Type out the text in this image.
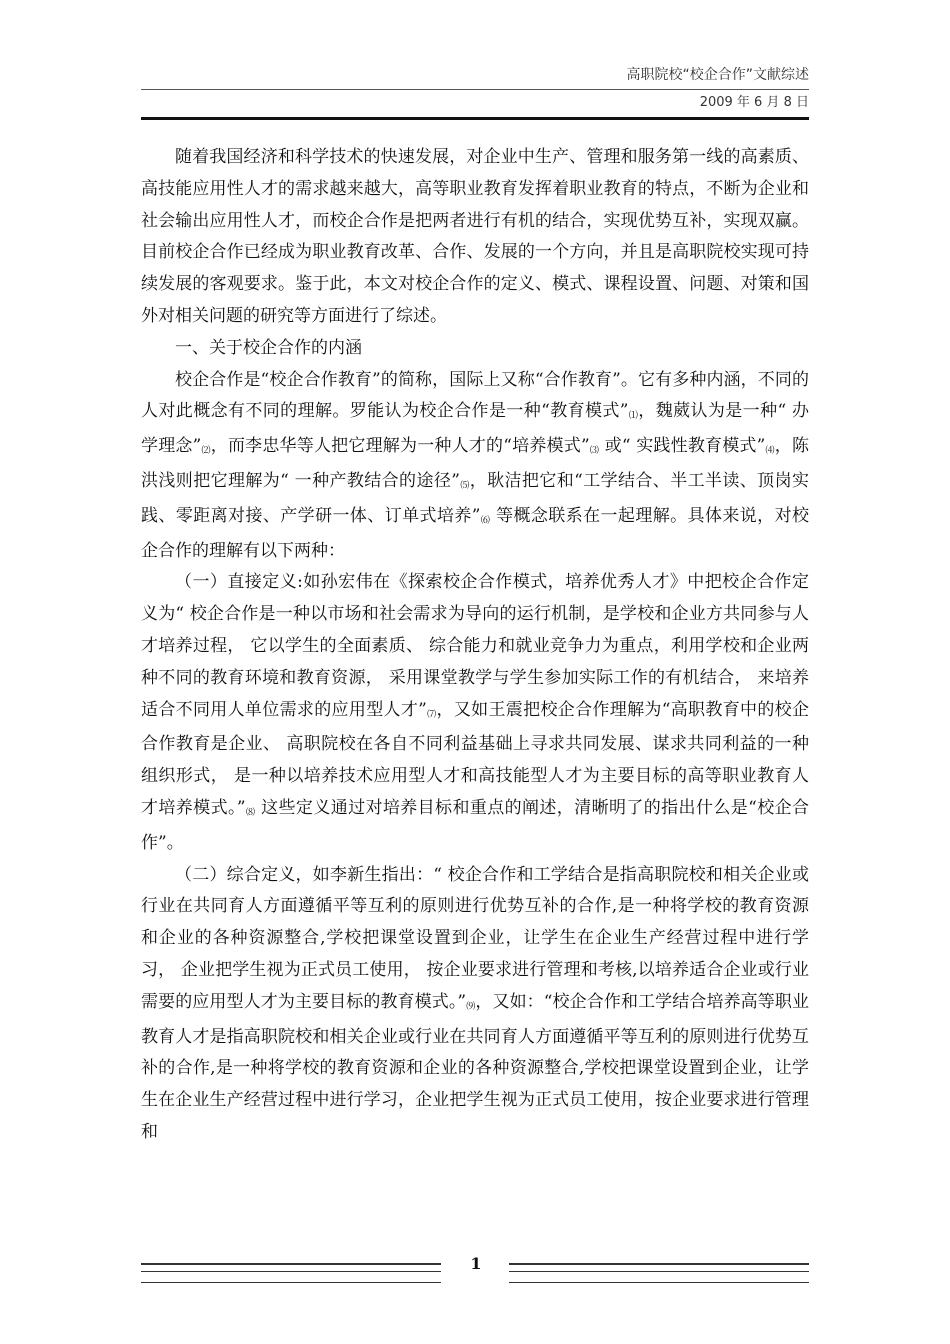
高职院校“校企合作”文献综述
2009 年 6 月 8 日

随着我国经济和科学技术的快速发展，对企业中生产、管理和服务第一线的高素质、高技能应用性人才的需求越来越大，高等职业教育发挥着职业教育的特点，不断为企业和社会输出应用性人才，而校企合作是把两者进行有机的结合，实现优势互补，实现双赢。目前校企合作已经成为职业教育改革、合作、发展的一个方向，并且是高职院校实现可持续发展的客观要求。鉴于此，本文对校企合作的定义、模式、课程设置、问题、对策和国外对相关问题的研究等方面进行了综述。

一、关于校企合作的内涵

校企合作是“校企合作教育”的简称，国际上又称“合作教育”。它有多种内涵，不同的人对此概念有不同的理解。罗能认为校企合作是一种“教育模式”⑴，魏葳认为是一种“ 办学理念”⑵，而李忠华等人把它理解为一种人才的“培养模式”⑶ 或“ 实践性教育模式”⑷，陈洪浅则把它理解为“ 一种产教结合的途径”⑸，耿洁把它和“工学结合、半工半读、顶岗实践、零距离对接、产学研一体、订单式培养”⑹ 等概念联系在一起理解。具体来说，对校企合作的理解有以下两种：

（一）直接定义:如孙宏伟在《探索校企合作模式，培养优秀人才》中把校企合作定义为“ 校企合作是一种以市场和社会需求为导向的运行机制，是学校和企业方共同参与人才培养过程， 它以学生的全面素质、 综合能力和就业竞争力为重点，利用学校和企业两种不同的教育环境和教育资源， 采用课堂教学与学生参加实际工作的有机结合， 来培养适合不同用人单位需求的应用型人才”⑺，又如王震把校企合作理解为“高职教育中的校企合作教育是企业、 高职院校在各自不同利益基础上寻求共同发展、谋求共同利益的一种组织形式， 是一种以培养技术应用型人才和高技能型人才为主要目标的高等职业教育人才培养模式。”⑻ 这些定义通过对培养目标和重点的阐述，清晰明了的指出什么是“校企合作”。

（二）综合定义，如李新生指出：“ 校企合作和工学结合是指高职院校和相关企业或行业在共同育人方面遵循平等互利的原则进行优势互补的合作,是一种将学校的教育资源和企业的各种资源整合,学校把课堂设置到企业，让学生在企业生产经营过程中进行学习， 企业把学生视为正式员工使用， 按企业要求进行管理和考核,以培养适合企业或行业需要的应用型人才为主要目标的教育模式。”⑼，又如：“校企合作和工学结合培养高等职业教育人才是指高职院校和相关企业或行业在共同育人方面遵循平等互利的原则进行优势互补的合作,是一种将学校的教育资源和企业的各种资源整合,学校把课堂设置到企业，让学生在企业生产经营过程中进行学习，企业把学生视为正式员工使用，按企业要求进行管理和

1
